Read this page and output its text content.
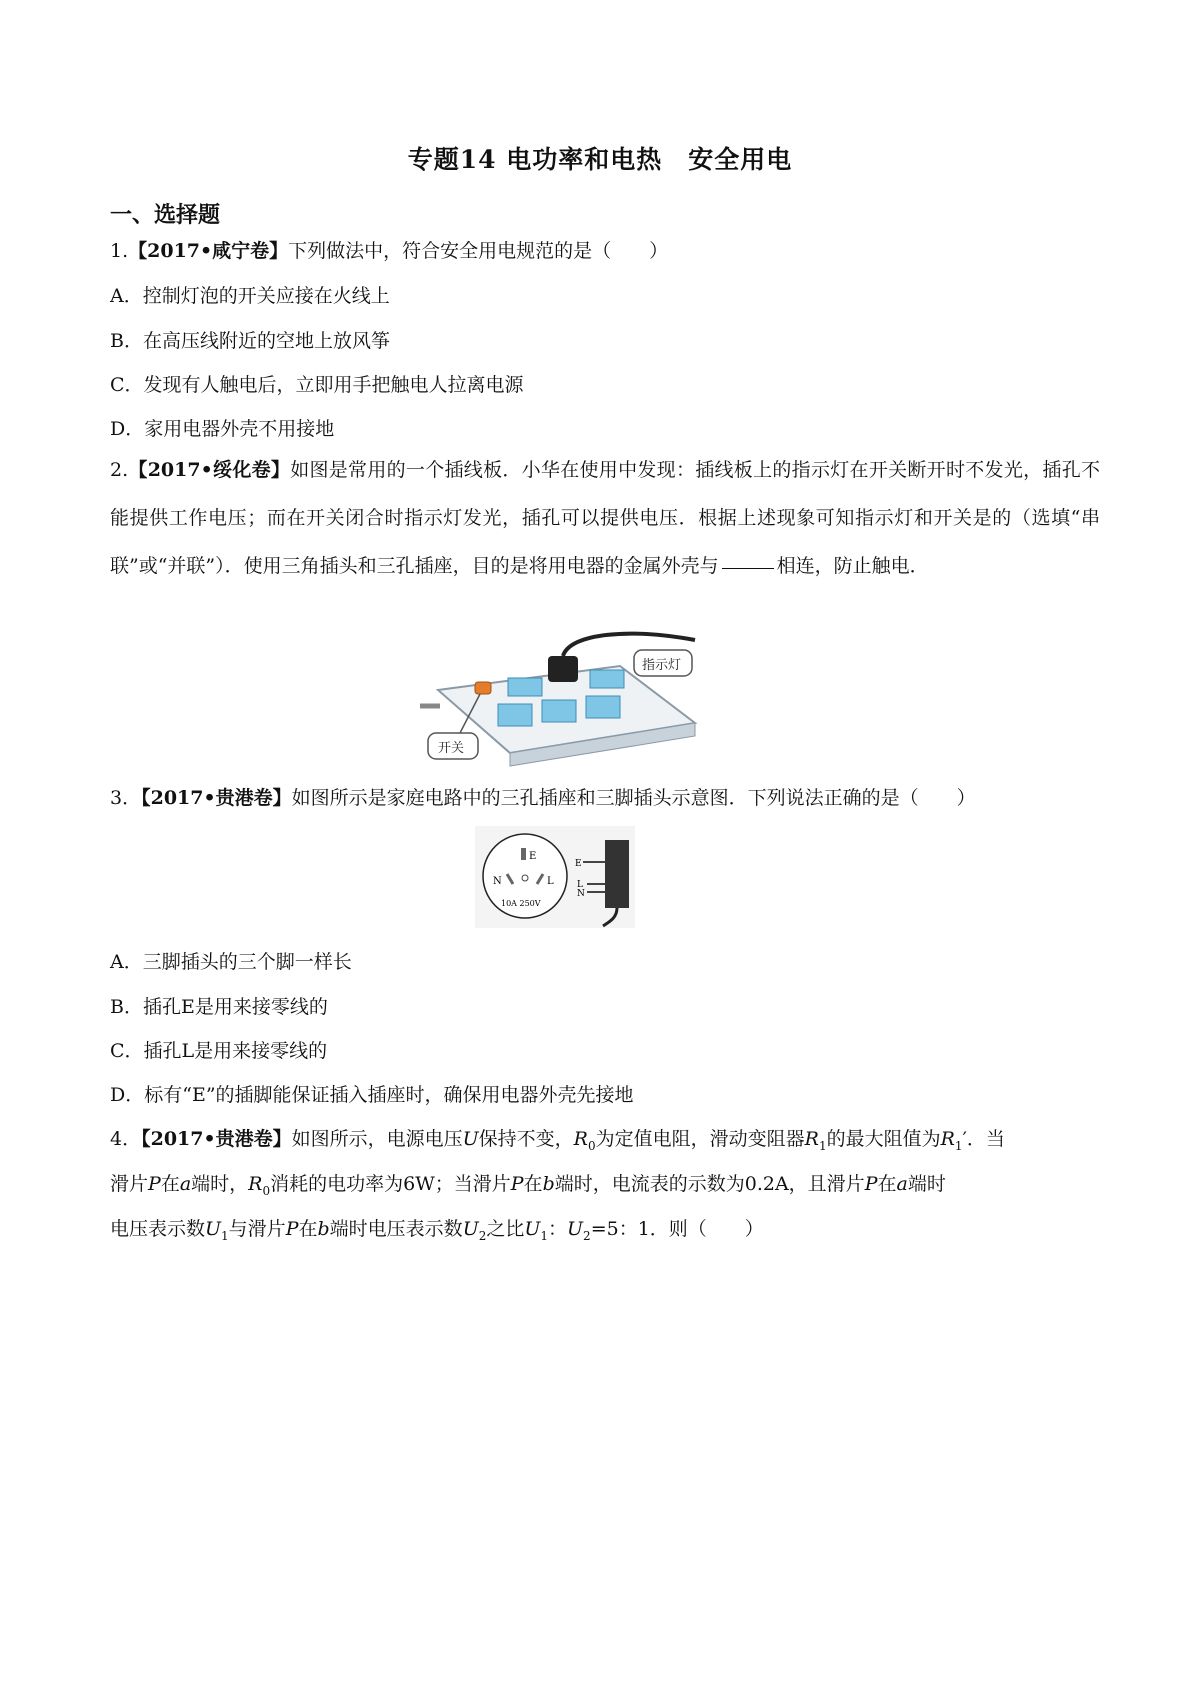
专题14 电功率和电热　安全用电
一、选择题
1.【2017•咸宁卷】下列做法中，符合安全用电规范的是（　　）
A．控制灯泡的开关应接在火线上
B．在高压线附近的空地上放风筝
C．发现有人触电后，立即用手把触电人拉离电源
D．家用电器外壳不用接地
2.【2017•绥化卷】如图是常用的一个插线板．小华在使用中发现：插线板上的指示灯在开关断开时不发光，插孔不能提供工作电压；而在开关闭合时指示灯发光，插孔可以提供电压．根据上述现象可知指示灯和开关是的（选填“串联”或“并联”）．使用三角插头和三孔插座，目的是将用电器的金属外壳与	相连，防止触电．
指示灯
开关
3．【2017•贵港卷】如图所示是家庭电路中的三孔插座和三脚插头示意图．下列说法正确的是（　　）
E
N	L
10A 250V
E
L
N
A．三脚插头的三个脚一样长
B．插孔E是用来接零线的
C．插孔L是用来接零线的
D．标有“E”的插脚能保证插入插座时，确保用电器外壳先接地
4．【2017•贵港卷】如图所示，电源电压U保持不变，$R_0$为定值电阻，滑动变阻器$R_1$的最大阻值为$R_1'$．当
滑片P在a端时，$R_0$消耗的电功率为6W；当滑片P在b端时，电流表的示数为0.2A，且滑片P在a端时
电压表示数$U_1$与滑片P在b端时电压表示数$U_2$之比$U_1$：$U_2=5$：1．则（　　）
